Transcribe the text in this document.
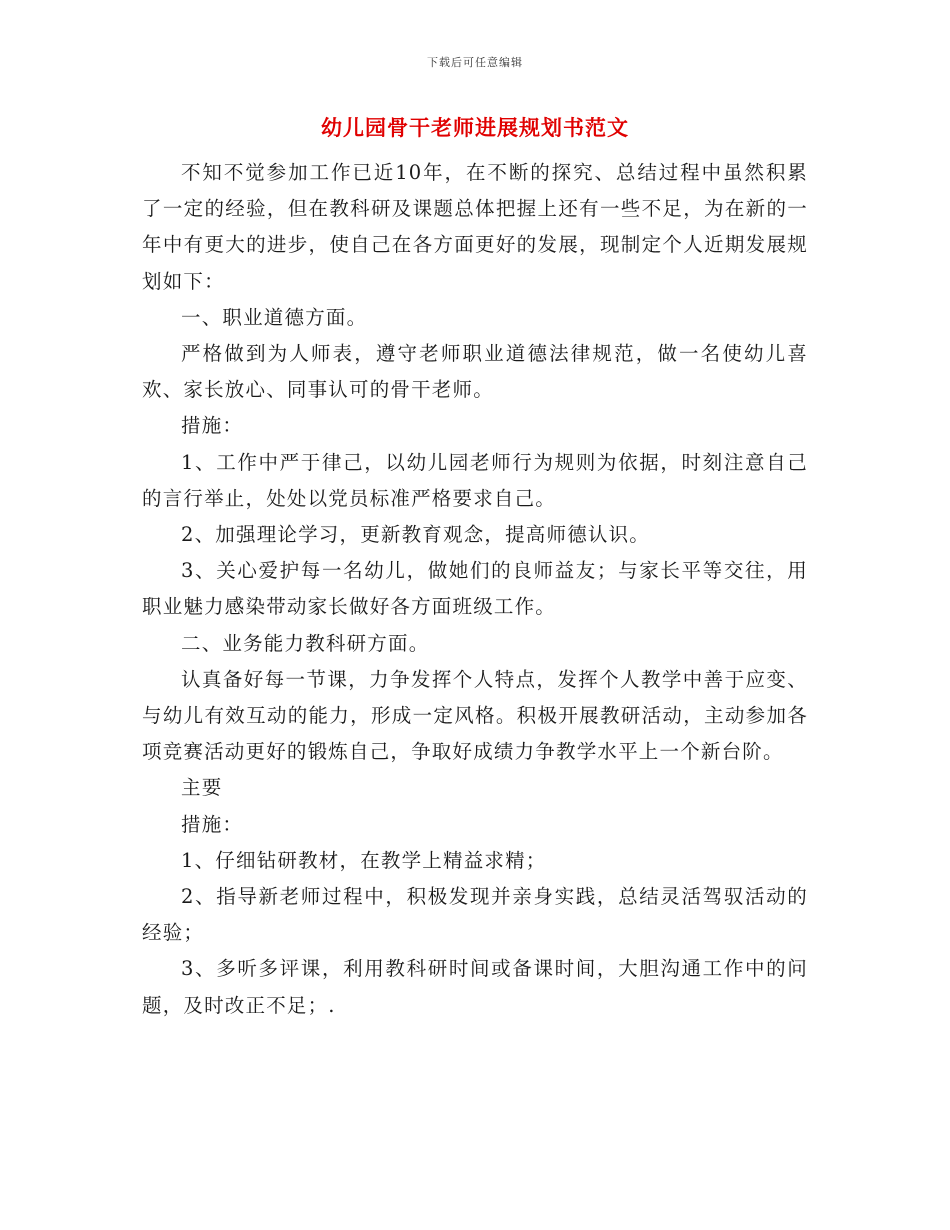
下载后可任意编辑
幼儿园骨干老师进展规划书范文

不知不觉参加工作已近10年，在不断的探究、总结过程中虽然积累了一定的经验，但在教科研及课题总体把握上还有一些不足，为在新的一年中有更大的进步，使自己在各方面更好的发展，现制定个人近期发展规划如下：

一、职业道德方面。

严格做到为人师表，遵守老师职业道德法律规范，做一名使幼儿喜欢、家长放心、同事认可的骨干老师。

措施：

1、工作中严于律己，以幼儿园老师行为规则为依据，时刻注意自己的言行举止，处处以党员标准严格要求自己。

2、加强理论学习，更新教育观念，提高师德认识。

3、关心爱护每一名幼儿，做她们的良师益友；与家长平等交往，用职业魅力感染带动家长做好各方面班级工作。

二、业务能力教科研方面。

认真备好每一节课，力争发挥个人特点，发挥个人教学中善于应变、与幼儿有效互动的能力，形成一定风格。积极开展教研活动，主动参加各项竞赛活动更好的锻炼自己，争取好成绩力争教学水平上一个新台阶。

主要

措施：

1、仔细钻研教材，在教学上精益求精；

2、指导新老师过程中，积极发现并亲身实践，总结灵活驾驭活动的经验；

3、多听多评课，利用教科研时间或备课时间，大胆沟通工作中的问题，及时改正不足；.
